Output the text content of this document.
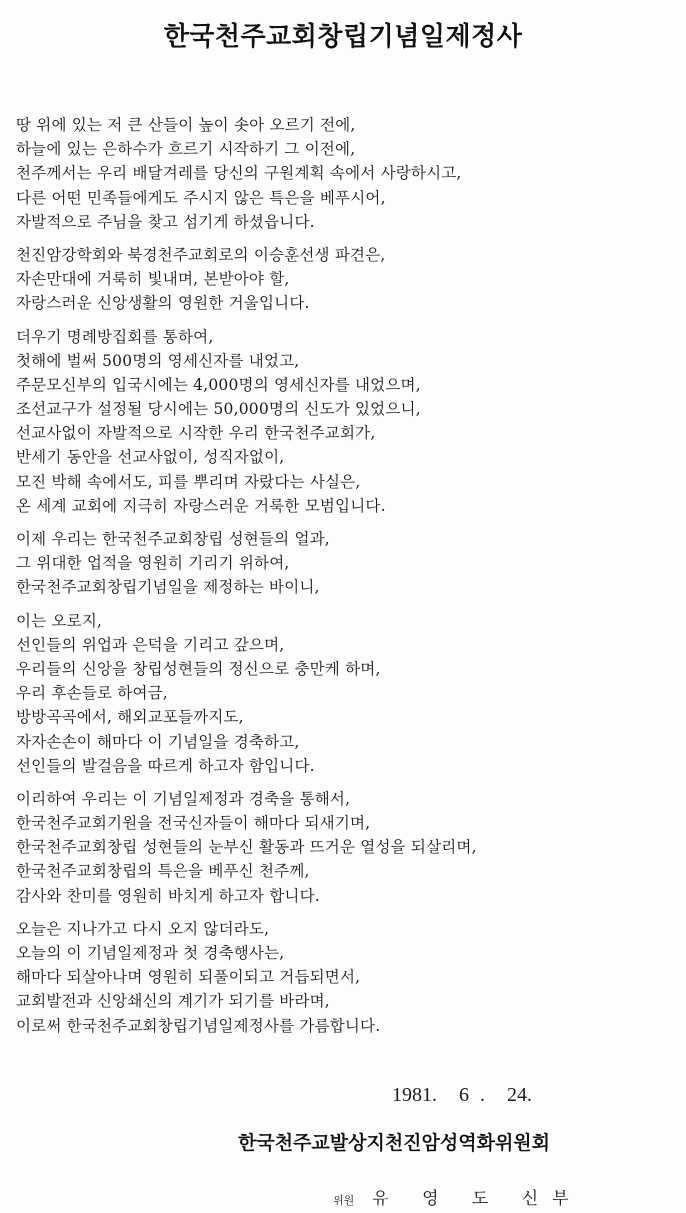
한국천주교회창립기념일제정사
땅 위에 있는 저 큰 산들이 높이 솟아 오르기 전에,
하늘에 있는 은하수가 흐르기 시작하기 그 이전에,
천주께서는 우리 배달겨레를 당신의 구원계획 속에서 사랑하시고,
다른 어떤 민족들에게도 주시지 않은 특은을 베푸시어,
자발적으로 주님을 찾고 섬기게 하셨읍니다.
천진암강학회와 북경천주교회로의 이승훈선생 파견은,
자손만대에 거룩히 빛내며, 본받아야 할,
자랑스러운 신앙생활의 영원한 거울입니다.
더우기 명례방집회를 통하여,
첫해에 벌써 500명의 영세신자를 내었고,
주문모신부의 입국시에는 4,000명의 영세신자를 내었으며,
조선교구가 설정될 당시에는 50,000명의 신도가 있었으니,
선교사없이 자발적으로 시작한 우리 한국천주교회가,
반세기 동안을 선교사없이, 성직자없이,
모진 박해 속에서도, 피를 뿌리며 자랐다는 사실은,
온 세계 교회에 지극히 자랑스러운 거룩한 모범입니다.
이제 우리는 한국천주교회창립 성현들의 얼과,
그 위대한 업적을 영원히 기리기 위하여,
한국천주교회창립기념일을 제정하는 바이니,
이는 오로지,
선인들의 위업과 은덕을 기리고 갚으며,
우리들의 신앙을 창립성현들의 정신으로 충만케 하며,
우리 후손들로 하여금,
방방곡곡에서, 해외교포들까지도,
자자손손이 해마다 이 기념일을 경축하고,
선인들의 발걸음을 따르게 하고자 함입니다.
이리하여 우리는 이 기념일제정과 경축을 통해서,
한국천주교회기원을 전국신자들이 해마다 되새기며,
한국천주교회창립 성현들의 눈부신 활동과 뜨거운 열성을 되살리며,
한국천주교회창립의 특은을 베푸신 천주께,
감사와 찬미를 영원히 바치게 하고자 합니다.
오늘은 지나가고 다시 오지 않더라도,
오늘의 이 기념일제정과 첫 경축행사는,
해마다 되살아나며 영원히 되풀이되고 거듭되면서,
교회발전과 신앙쇄신의 계기가 되기를 바라며,
이로써 한국천주교회창립기념일제정사를 가름합니다.
1981.  6 .  24.
한국천주교발상지천진암성역화위원회
위원 유 영 도 신부
